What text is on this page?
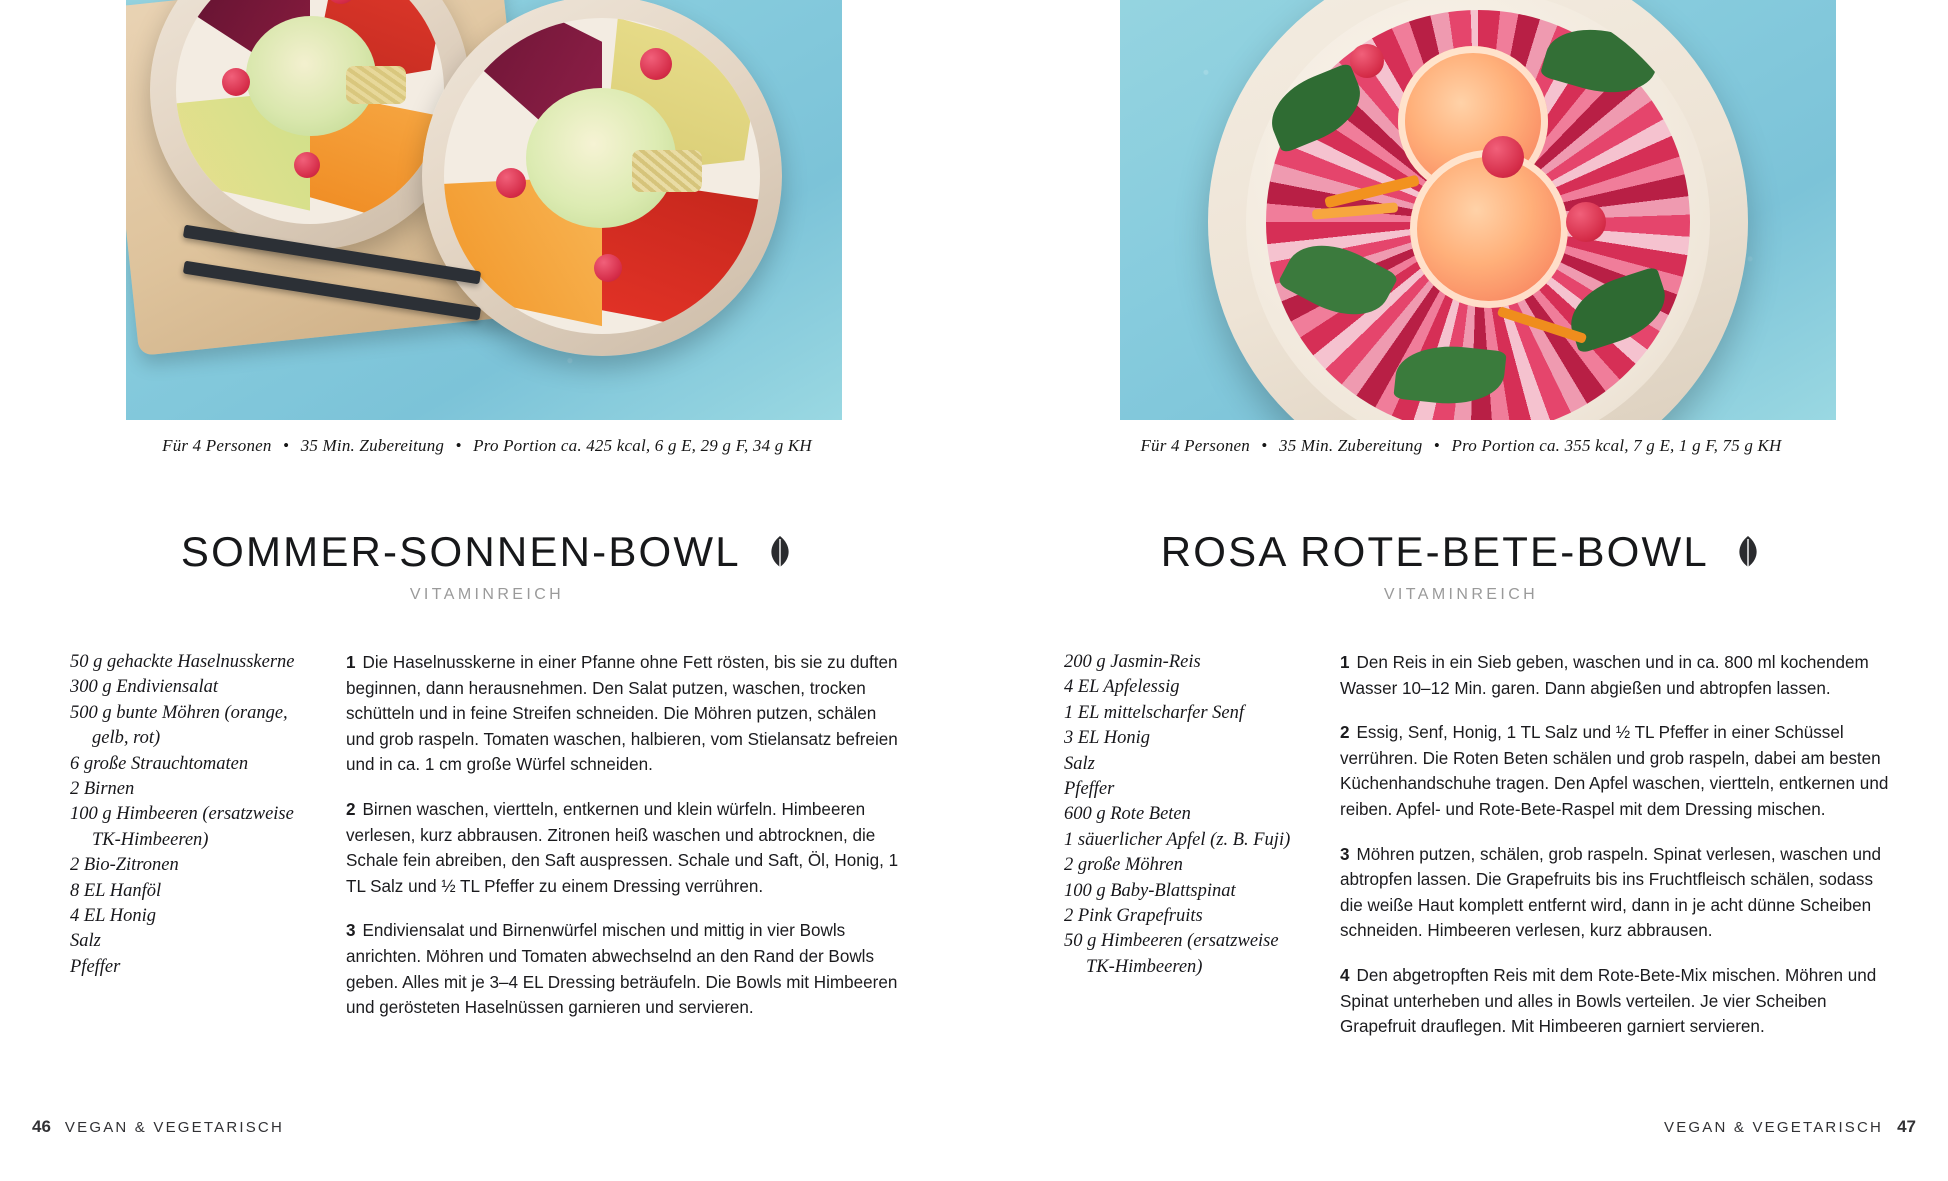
Für 4 Personen • 35 Min. Zubereitung • Pro Portion ca. 425 kcal, 6 g E, 29 g F, 34 g KH
SOMMER-SONNEN-BOWL
VITAMINREICH
50 g gehackte Haselnusskerne
300 g Endiviensalat
500 g bunte Möhren (orange,
gelb, rot)
6 große Strauchtomaten
2 Birnen
100 g Himbeeren (ersatzweise
TK-Himbeeren)
2 Bio-Zitronen
8 EL Hanföl
4 EL Honig
Salz
Pfeffer

1 Die Haselnusskerne in einer Pfanne ohne Fett rösten, bis sie zu duften beginnen, dann herausnehmen. Den Salat putzen, waschen, trocken schütteln und in feine Streifen schneiden. Die Möhren putzen, schälen und grob raspeln. Tomaten waschen, halbieren, vom Stielansatz befreien und in ca. 1 cm große Würfel schneiden.

2 Birnen waschen, viertteln, entkernen und klein würfeln. Himbeeren verlesen, kurz abbrausen. Zitronen heiß waschen und abtrocknen, die Schale fein abreiben, den Saft auspressen. Schale und Saft, Öl, Honig, 1 TL Salz und ½ TL Pfeffer zu einem Dressing verrühren.

3 Endiviensalat und Birnenwürfel mischen und mittig in vier Bowls anrichten. Möhren und Tomaten abwechselnd an den Rand der Bowls geben. Alles mit je 3–4 EL Dressing beträufeln. Die Bowls mit Himbeeren und gerösteten Haselnüssen garnieren und servieren.

46 VEGAN & VEGETARISCH
Für 4 Personen • 35 Min. Zubereitung • Pro Portion ca. 355 kcal, 7 g E, 1 g F, 75 g KH
ROSA ROTE-BETE-BOWL
VITAMINREICH
200 g Jasmin-Reis
4 EL Apfelessig
1 EL mittelscharfer Senf
3 EL Honig
Salz
Pfeffer
600 g Rote Beten
1 säuerlicher Apfel (z. B. Fuji)
2 große Möhren
100 g Baby-Blattspinat
2 Pink Grapefruits
50 g Himbeeren (ersatzweise
TK-Himbeeren)

1 Den Reis in ein Sieb geben, waschen und in ca. 800 ml kochendem Wasser 10–12 Min. garen. Dann abgießen und abtropfen lassen.

2 Essig, Senf, Honig, 1 TL Salz und ½ TL Pfeffer in einer Schüssel verrühren. Die Roten Beten schälen und grob raspeln, dabei am besten Küchenhandschuhe tragen. Den Apfel waschen, viertteln, entkernen und reiben. Apfel- und Rote-Bete-Raspel mit dem Dressing mischen.

3 Möhren putzen, schälen, grob raspeln. Spinat verlesen, waschen und abtropfen lassen. Die Grapefruits bis ins Fruchtfleisch schälen, sodass die weiße Haut komplett entfernt wird, dann in je acht dünne Scheiben schneiden. Himbeeren verlesen, kurz abbrausen.

4 Den abgetropften Reis mit dem Rote-Bete-Mix mischen. Möhren und Spinat unterheben und alles in Bowls verteilen. Je vier Scheiben Grapefruit drauflegen. Mit Himbeeren garniert servieren.

VEGAN & VEGETARISCH 47
